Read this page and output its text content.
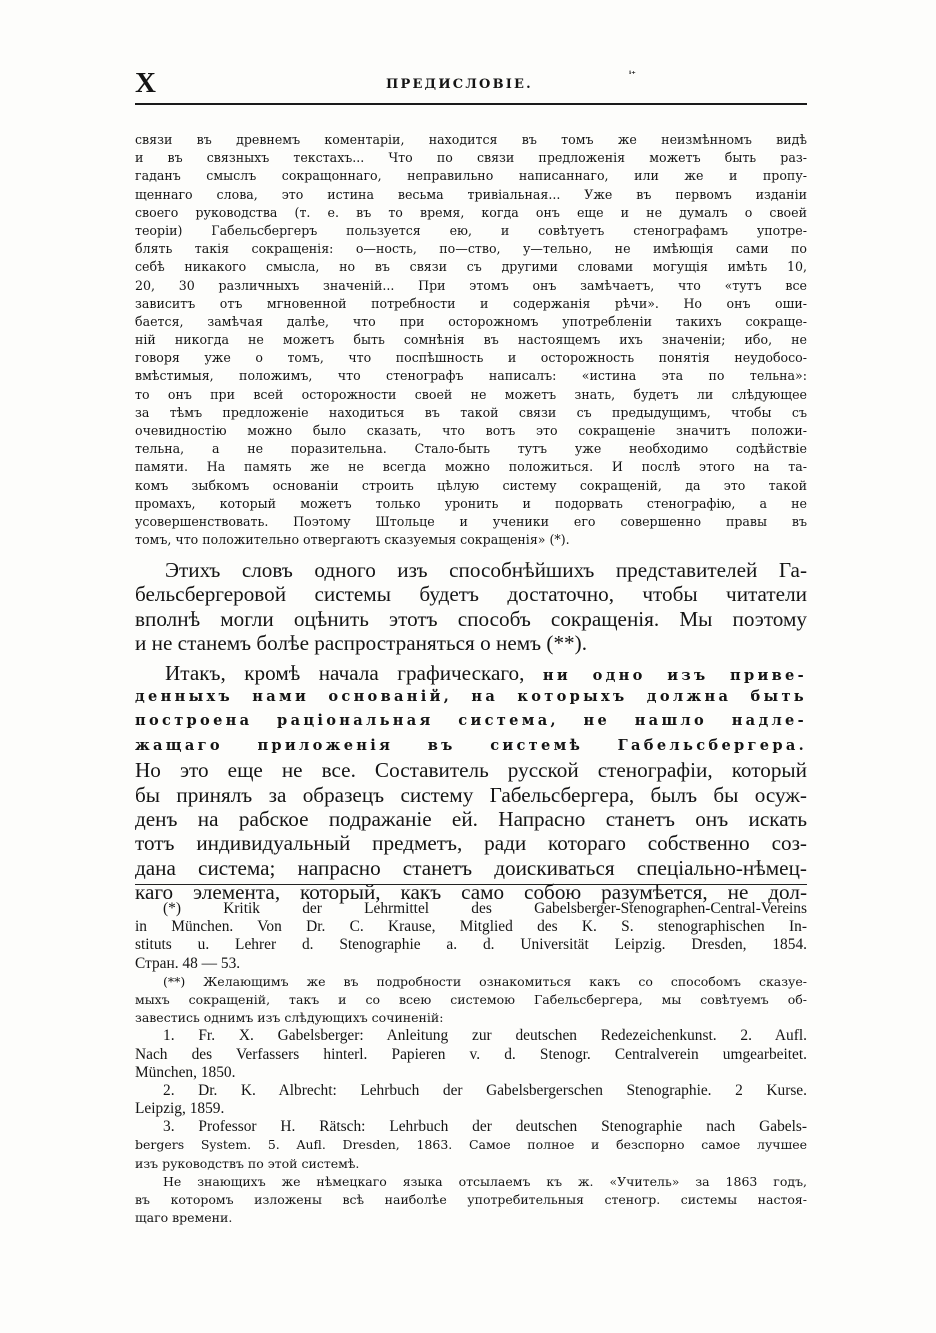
X	ПРЕДИСЛОВIЕ.
ⁱ⁺
связи въ древнемъ коментарiи, находится въ томъ же неизмѣнномъ видѣ
и въ связныхъ текстахъ... Что по связи предложенiя можетъ быть раз-
гаданъ смыслъ сокращоннаго, неправильно написаннаго, или же и пропу-
щеннаго слова, это истина весьма тривiальная... Уже въ первомъ изданiи
своего руководства (т. е. въ то время, когда онъ еще и не думалъ о своей
теорiи) Габельсбергеръ пользуется ею, и совѣтуетъ стенографамъ употре-
блять такiя сокращенiя: о—ность, по—ство, у—тельно, не имѣющiя сами по
себѣ никакого смысла, но въ связи съ другими словами могущiя имѣть 10,
20, 30 различныхъ значенiй... При этомъ онъ замѣчаетъ, что «тутъ все
зависитъ отъ мгновенной потребности и содержанiя рѣчи». Но онъ оши-
бается, замѣчая далѣе, что при осторожномъ употребленiи такихъ сокраще-
нiй никогда не можетъ быть сомнѣнiя въ настоящемъ ихъ значенiи; ибо, не
говоря уже о томъ, что поспѣшность и осторожность понятiя неудобосо-
вмѣстимыя, положимъ, что стенографъ написалъ: «истина эта по тельна»:
то онъ при всей осторожности своей не можетъ знать, будетъ ли слѣдующее
за тѣмъ предложенiе находиться въ такой связи съ предыдущимъ, чтобы съ
очевидностiю можно было сказать, что вотъ это сокращенiе значитъ положи-
тельна, а не поразительна. Стало-быть тутъ уже необходимо содѣйствiе
памяти. На память же не всегда можно положиться. И послѣ этого на та-
комъ зыбкомъ основанiи строить цѣлую систему сокращенiй, да это такой
промахъ, который можетъ только уронить и подорвать стенографiю, а не
усовершенствовать. Поэтому Штольце и ученики его совершенно правы въ
томъ, что положительно отвергаютъ сказуемыя сокращенiя» (*).
Этихъ словъ одного изъ способнѣйшихъ представителей Га-
бельсбергеровой системы будетъ достаточно, чтобы читатели
вполнѣ могли оцѣнить этотъ способъ сокращенiя. Мы поэтому
и не станемъ болѣе распространяться о немъ (**).
Итакъ, кромѣ начала графическаго, ни одно изъ приве-
денныхъ нами основанiй, на которыхъ должна быть
построена рацiональная система, не нашло надле-
жащаго приложенiя въ системѣ Габельсбергера.
Но это еще не все. Составитель русской стенографiи, который
бы принялъ за образецъ систему Габельсбергера, былъ бы осуж-
денъ на рабское подражанiе ей. Напрасно станетъ онъ искать
тотъ индивидуальный предметъ, ради котораго собственно соз-
дана система; напрасно станетъ доискиваться спецiально-нѣмец-
каго элемента, который, какъ само собою разумѣется, не дол-
(*) Kritik der Lehrmittel des Gabelsberger-Stenographen-Central-Vereins
in München. Von Dr. C. Krause, Mitglied des K. S. stenographischen In-
stituts u. Lehrer d. Stenographie a. d. Universität Leipzig. Dresden, 1854.
Стран. 48 — 53.
(**) Желающимъ же въ подробности ознакомиться какъ со способомъ сказуе-
мыхъ сокращенiй, такъ и со всею системою Габельсбергера, мы совѣтуемъ об-
завестись однимъ изъ слѣдующихъ сочиненiй:
1. Fr. X. Gabelsberger: Anleitung zur deutschen Redezeichenkunst. 2. Aufl.
Nach des Verfassers hinterl. Papieren v. d. Stenogr. Centralverein umgearbeitet.
München, 1850.
2. Dr. K. Albrecht: Lehrbuch der Gabelsbergerschen Stenographie. 2 Kurse.
Leipzig, 1859.
3. Professor H. Rätsch: Lehrbuch der deutschen Stenographie nach Gabels-
bergers System. 5. Aufl. Dresden, 1863. Самое полное и безспорно самое лучшее
изъ руководствъ по этой системѣ.
Не знающихъ же нѣмецкаго языка отсылаемъ къ ж. «Учитель» за 1863 годъ,
въ которомъ изложены всѣ наиболѣе употребительныя стеногр. системы настоя-
щаго времени.
